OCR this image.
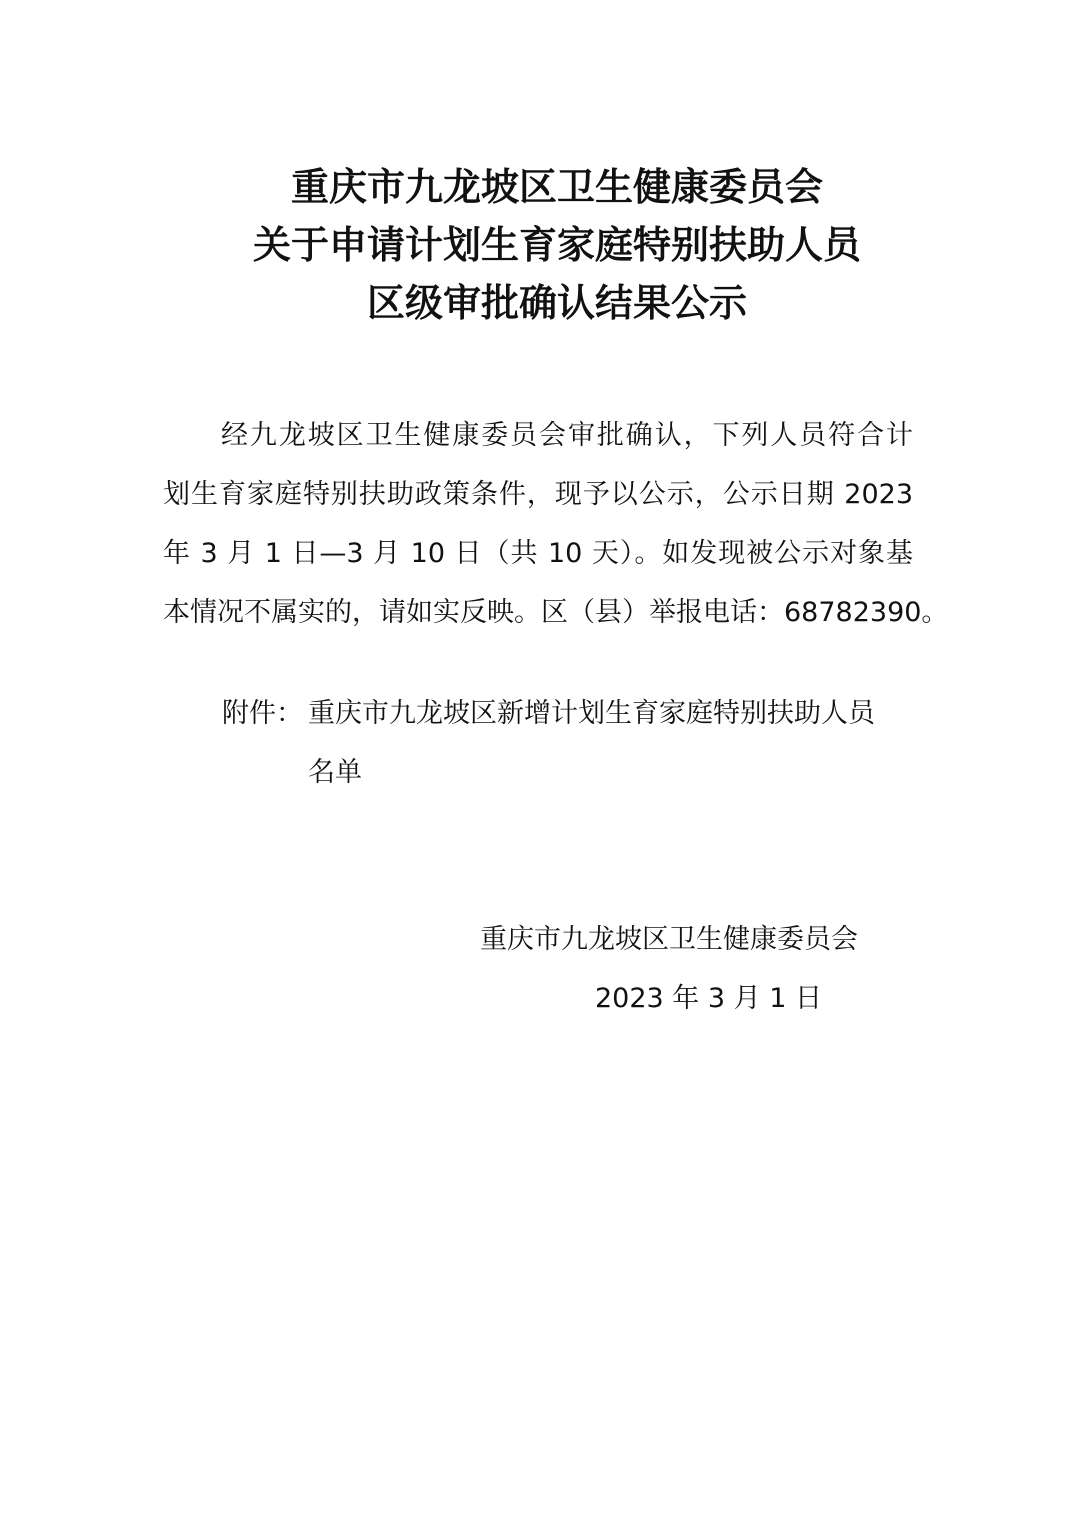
重庆市九龙坡区卫生健康委员会
关于申请计划生育家庭特别扶助人员
区级审批确认结果公示
经九龙坡区卫生健康委员会审批确认，下列人员符合计
划生育家庭特别扶助政策条件，现予以公示，公示日期 2023
年 3 月 1 日—3 月 10 日（共 10 天）。如发现被公示对象基
本情况不属实的，请如实反映。区（县）举报电话：68782390。
附件： 重庆市九龙坡区新增计划生育家庭特别扶助人员
名单
重庆市九龙坡区卫生健康委员会
2023 年 3 月 1 日
